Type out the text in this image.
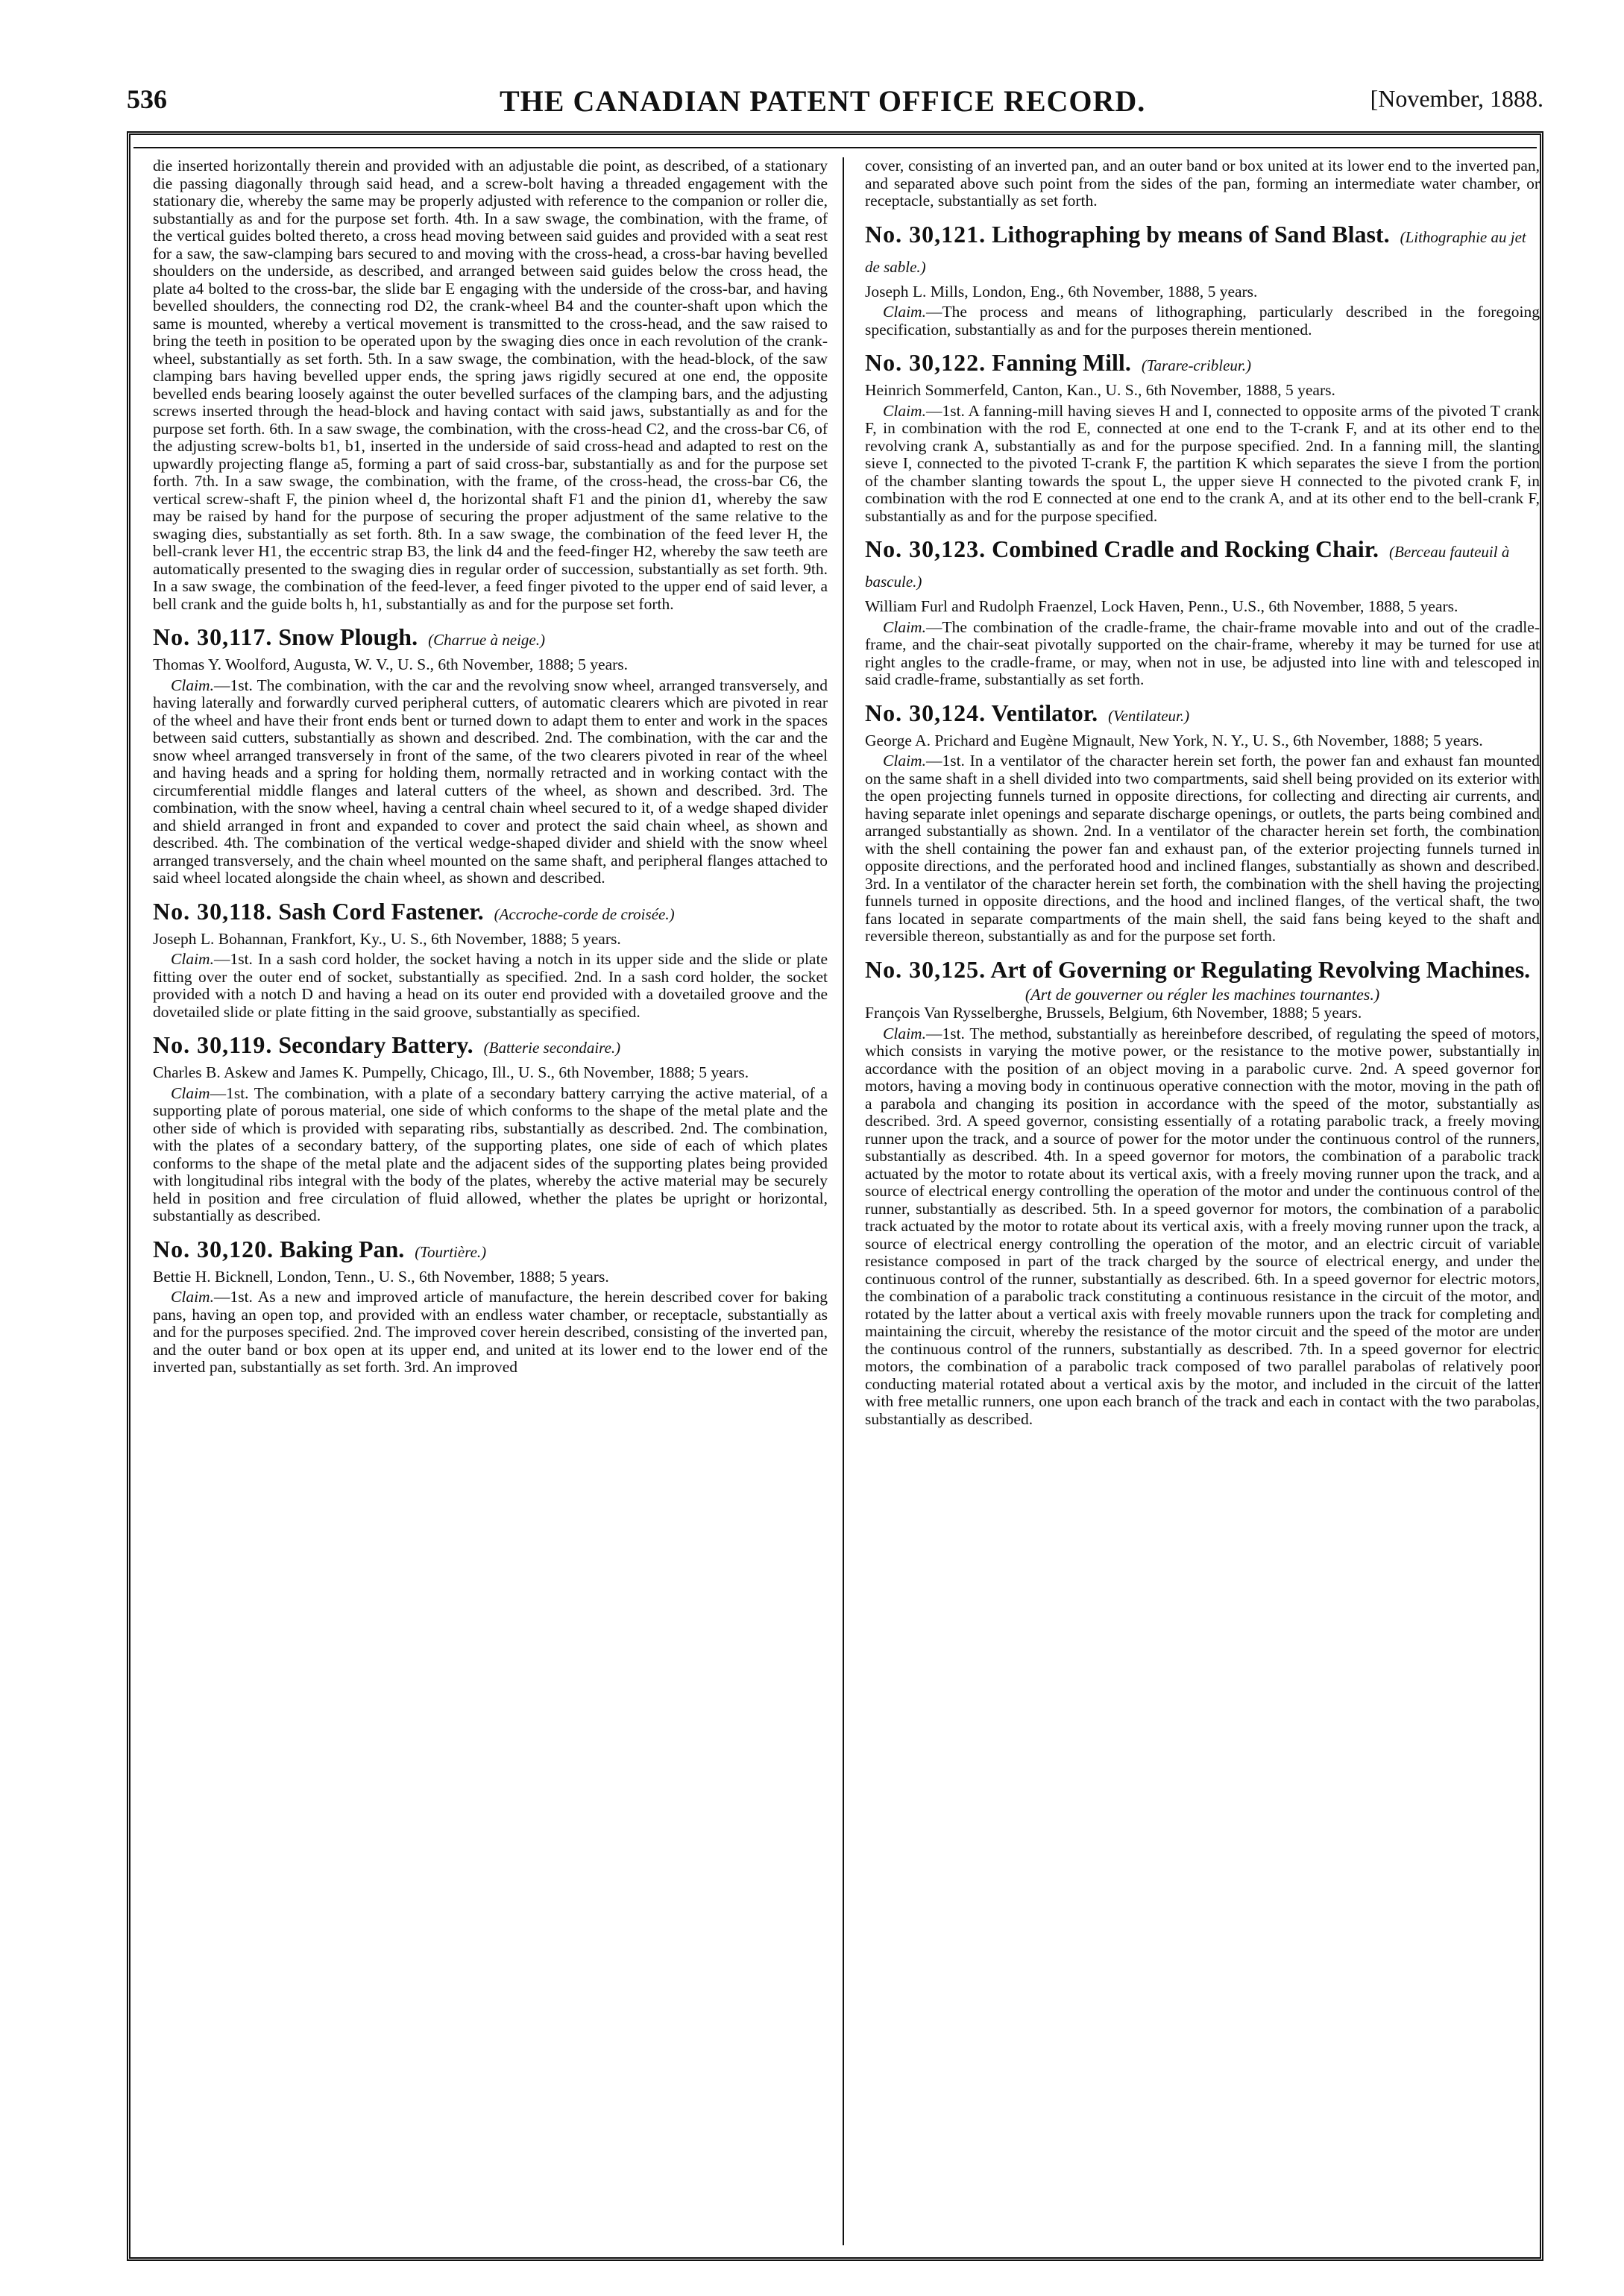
536	THE CANADIAN PATENT OFFICE RECORD.	[November, 1888.

die inserted horizontally therein and provided with an adjustable die point, as described, of a stationary die passing diagonally through said head, and a screw-bolt having a threaded engagement with the stationary die, whereby the same may be properly adjusted with reference to the companion or roller die, substantially as and for the purpose set forth. 4th. In a saw swage, the combination, with the frame, of the vertical guides bolted thereto, a cross head moving between said guides and provided with a seat rest for a saw, the saw-clamping bars secured to and moving with the cross-head, a cross-bar having bevelled shoulders on the underside, as described, and arranged between said guides below the cross head, the plate a4 bolted to the cross-bar, the slide bar E engaging with the underside of the cross-bar, and having bevelled shoulders, the connecting rod D2, the crank-wheel B4 and the counter-shaft upon which the same is mounted, whereby a vertical movement is transmitted to the cross-head, and the saw raised to bring the teeth in position to be operated upon by the swaging dies once in each revolution of the crank-wheel, substantially as set forth. 5th. In a saw swage, the combination, with the head-block, of the saw clamping bars having bevelled upper ends, the spring jaws rigidly secured at one end, the opposite bevelled ends bearing loosely against the outer bevelled surfaces of the clamping bars, and the adjusting screws inserted through the head-block and having contact with said jaws, substantially as and for the purpose set forth. 6th. In a saw swage, the combination, with the cross-head C2, and the cross-bar C6, of the adjusting screw-bolts b1, b1, inserted in the underside of said cross-head and adapted to rest on the upwardly projecting flange a5, forming a part of said cross-bar, substantially as and for the purpose set forth. 7th. In a saw swage, the combination, with the frame, of the cross-head, the cross-bar C6, the vertical screw-shaft F, the pinion wheel d, the horizontal shaft F1 and the pinion d1, whereby the saw may be raised by hand for the purpose of securing the proper adjustment of the same relative to the swaging dies, substantially as set forth. 8th. In a saw swage, the combination of the feed lever H, the bell-crank lever H1, the eccentric strap B3, the link d4 and the feed-finger H2, whereby the saw teeth are automatically presented to the swaging dies in regular order of succession, substantially as set forth. 9th. In a saw swage, the combination of the feed-lever, a feed finger pivoted to the upper end of said lever, a bell crank and the guide bolts h, h1, substantially as and for the purpose set forth.

No. 30,117. Snow Plough. (Charrue à neige.)

Thomas Y. Woolford, Augusta, W. V., U. S., 6th November, 1888; 5 years.

Claim.—1st. The combination, with the car and the revolving snow wheel, arranged transversely, and having laterally and forwardly curved peripheral cutters, of automatic clearers which are pivoted in rear of the wheel and have their front ends bent or turned down to adapt them to enter and work in the spaces between said cutters, substantially as shown and described. 2nd. The combination, with the car and the snow wheel arranged transversely in front of the same, of the two clearers pivoted in rear of the wheel and having heads and a spring for holding them, normally retracted and in working contact with the circumferential middle flanges and lateral cutters of the wheel, as shown and described. 3rd. The combination, with the snow wheel, having a central chain wheel secured to it, of a wedge shaped divider and shield arranged in front and expanded to cover and protect the said chain wheel, as shown and described. 4th. The combination of the vertical wedge-shaped divider and shield with the snow wheel arranged transversely, and the chain wheel mounted on the same shaft, and peripheral flanges attached to said wheel located alongside the chain wheel, as shown and described.

No. 30,118. Sash Cord Fastener. (Accroche-corde de croisée.)

Joseph L. Bohannan, Frankfort, Ky., U. S., 6th November, 1888; 5 years.

Claim.—1st. In a sash cord holder, the socket having a notch in its upper side and the slide or plate fitting over the outer end of socket, substantially as specified. 2nd. In a sash cord holder, the socket provided with a notch D and having a head on its outer end provided with a dovetailed groove and the dovetailed slide or plate fitting in the said groove, substantially as specified.

No. 30,119. Secondary Battery. (Batterie secondaire.)

Charles B. Askew and James K. Pumpelly, Chicago, Ill., U. S., 6th November, 1888; 5 years.

Claim—1st. The combination, with a plate of a secondary battery carrying the active material, of a supporting plate of porous material, one side of which conforms to the shape of the metal plate and the other side of which is provided with separating ribs, substantially as described. 2nd. The combination, with the plates of a secondary battery, of the supporting plates, one side of each of which plates conforms to the shape of the metal plate and the adjacent sides of the supporting plates being provided with longitudinal ribs integral with the body of the plates, whereby the active material may be securely held in position and free circulation of fluid allowed, whether the plates be upright or horizontal, substantially as described.

No. 30,120. Baking Pan. (Tourtière.)

Bettie H. Bicknell, London, Tenn., U. S., 6th November, 1888; 5 years.

Claim.—1st. As a new and improved article of manufacture, the herein described cover for baking pans, having an open top, and provided with an endless water chamber, or receptacle, substantially as and for the purposes specified. 2nd. The improved cover herein described, consisting of the inverted pan, and the outer band or box open at its upper end, and united at its lower end to the lower end of the inverted pan, substantially as set forth. 3rd. An improved

cover, consisting of an inverted pan, and an outer band or box united at its lower end to the inverted pan, and separated above such point from the sides of the pan, forming an intermediate water chamber, or receptacle, substantially as set forth.

No. 30,121. Lithographing by means of Sand Blast. (Lithographie au jet de sable.)

Joseph L. Mills, London, Eng., 6th November, 1888, 5 years.

Claim.—The process and means of lithographing, particularly described in the foregoing specification, substantially as and for the purposes therein mentioned.

No. 30,122. Fanning Mill. (Tarare-cribleur.)

Heinrich Sommerfeld, Canton, Kan., U. S., 6th November, 1888, 5 years.

Claim.—1st. A fanning-mill having sieves H and I, connected to opposite arms of the pivoted T crank F, in combination with the rod E, connected at one end to the T-crank F, and at its other end to the revolving crank A, substantially as and for the purpose specified. 2nd. In a fanning mill, the slanting sieve I, connected to the pivoted T-crank F, the partition K which separates the sieve I from the portion of the chamber slanting towards the spout L, the upper sieve H connected to the pivoted crank F, in combination with the rod E connected at one end to the crank A, and at its other end to the bell-crank F, substantially as and for the purpose specified.

No. 30,123. Combined Cradle and Rocking Chair. (Berceau fauteuil à bascule.)

William Furl and Rudolph Fraenzel, Lock Haven, Penn., U.S., 6th November, 1888, 5 years.

Claim.—The combination of the cradle-frame, the chair-frame movable into and out of the cradle-frame, and the chair-seat pivotally supported on the chair-frame, whereby it may be turned for use at right angles to the cradle-frame, or may, when not in use, be adjusted into line with and telescoped in said cradle-frame, substantially as set forth.

No. 30,124. Ventilator. (Ventilateur.)

George A. Prichard and Eugène Mignault, New York, N. Y., U. S., 6th November, 1888; 5 years.

Claim.—1st. In a ventilator of the character herein set forth, the power fan and exhaust fan mounted on the same shaft in a shell divided into two compartments, said shell being provided on its exterior with the open projecting funnels turned in opposite directions, for collecting and directing air currents, and having separate inlet openings and separate discharge openings, or outlets, the parts being combined and arranged substantially as shown. 2nd. In a ventilator of the character herein set forth, the combination with the shell containing the power fan and exhaust pan, of the exterior projecting funnels turned in opposite directions, and the perforated hood and inclined flanges, substantially as shown and described. 3rd. In a ventilator of the character herein set forth, the combination with the shell having the projecting funnels turned in opposite directions, and the hood and inclined flanges, of the vertical shaft, the two fans located in separate compartments of the main shell, the said fans being keyed to the shaft and reversible thereon, substantially as and for the purpose set forth.

No. 30,125. Art of Governing or Regulating Revolving Machines.
(Art de gouverner ou régler les machines tournantes.)

François Van Rysselberghe, Brussels, Belgium, 6th November, 1888; 5 years.

Claim.—1st. The method, substantially as hereinbefore described, of regulating the speed of motors, which consists in varying the motive power, or the resistance to the motive power, substantially in accordance with the position of an object moving in a parabolic curve. 2nd. A speed governor for motors, having a moving body in continuous operative connection with the motor, moving in the path of a parabola and changing its position in accordance with the speed of the motor, substantially as described. 3rd. A speed governor, consisting essentially of a rotating parabolic track, a freely moving runner upon the track, and a source of power for the motor under the continuous control of the runners, substantially as described. 4th. In a speed governor for motors, the combination of a parabolic track actuated by the motor to rotate about its vertical axis, with a freely moving runner upon the track, and a source of electrical energy controlling the operation of the motor and under the continuous control of the runner, substantially as described. 5th. In a speed governor for motors, the combination of a parabolic track actuated by the motor to rotate about its vertical axis, with a freely moving runner upon the track, a source of electrical energy controlling the operation of the motor, and an electric circuit of variable resistance composed in part of the track charged by the source of electrical energy, and under the continuous control of the runner, substantially as described. 6th. In a speed governor for electric motors, the combination of a parabolic track constituting a continuous resistance in the circuit of the motor, and rotated by the latter about a vertical axis with freely movable runners upon the track for completing and maintaining the circuit, whereby the resistance of the motor circuit and the speed of the motor are under the continuous control of the runners, substantially as described. 7th. In a speed governor for electric motors, the combination of a parabolic track composed of two parallel parabolas of relatively poor conducting material rotated about a vertical axis by the motor, and included in the circuit of the latter with free metallic runners, one upon each branch of the track and each in contact with the two parabolas, substantially as described.
